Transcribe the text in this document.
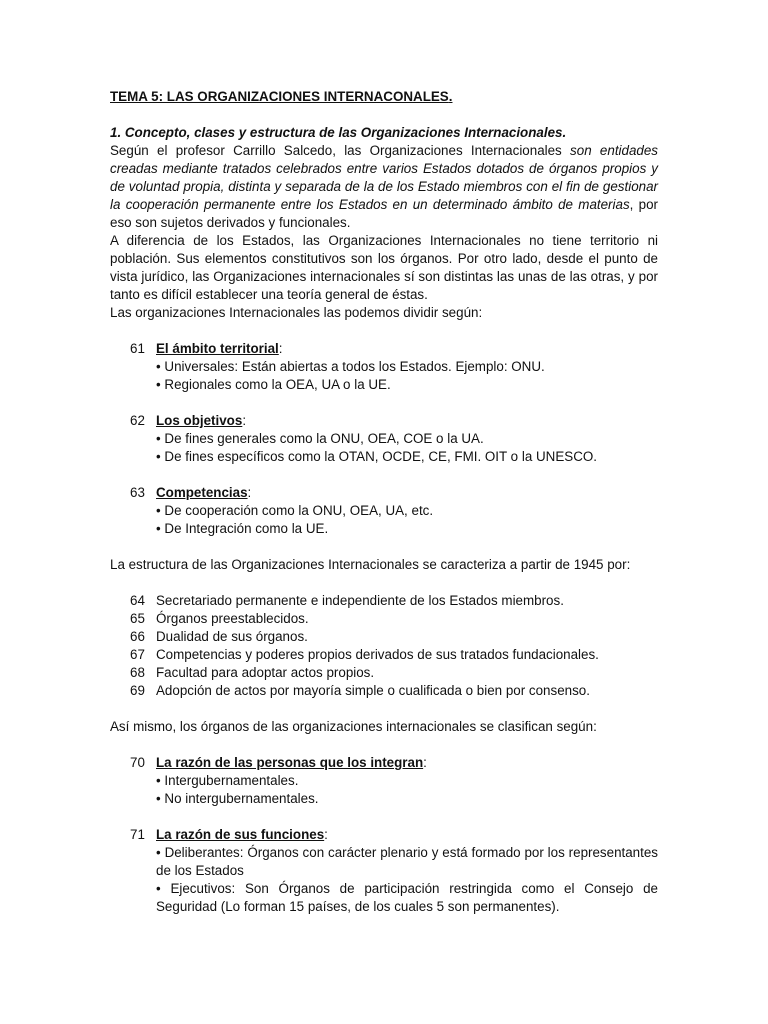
TEMA 5: LAS ORGANIZACIONES INTERNACONALES.
1. Concepto, clases y estructura de las Organizaciones Internacionales.

Según el profesor Carrillo Salcedo, las Organizaciones Internacionales son entidades creadas mediante tratados celebrados entre varios Estados dotados de órganos propios y de voluntad propia, distinta y separada de la de los Estado miembros con el fin de gestionar la cooperación permanente entre los Estados en un determinado ámbito de materias, por eso son sujetos derivados y funcionales.

A diferencia de los Estados, las Organizaciones Internacionales no tiene territorio ni población. Sus elementos constitutivos son los órganos. Por otro lado, desde el punto de vista jurídico, las Organizaciones internacionales sí son distintas las unas de las otras, y por tanto es difícil establecer una teoría general de éstas.

Las organizaciones Internacionales las podemos dividir según:

61 El ámbito territorial:
• Universales: Están abiertas a todos los Estados. Ejemplo: ONU.
• Regionales como la OEA, UA o la UE.
62 Los objetivos:
• De fines generales como la ONU, OEA, COE o la UA.
• De fines específicos como la OTAN, OCDE, CE, FMI. OIT o la UNESCO.
63 Competencias:
• De cooperación como la ONU, OEA, UA, etc.
• De Integración como la UE.

La estructura de las Organizaciones Internacionales se caracteriza a partir de 1945 por:

64 Secretariado permanente e independiente de los Estados miembros.
65 Órganos preestablecidos.
66 Dualidad de sus órganos.
67 Competencias y poderes propios derivados de sus tratados fundacionales.
68 Facultad para adoptar actos propios.
69 Adopción de actos por mayoría simple o cualificada o bien por consenso.

Así mismo, los órganos de las organizaciones internacionales se clasifican según:

70 La razón de las personas que los integran:
• Intergubernamentales.
• No intergubernamentales.
71 La razón de sus funciones:
• Deliberantes: Órganos con carácter plenario y está formado por los representantes de los Estados
• Ejecutivos: Son Órganos de participación restringida como el Consejo de Seguridad (Lo forman 15 países, de los cuales 5 son permanentes).
